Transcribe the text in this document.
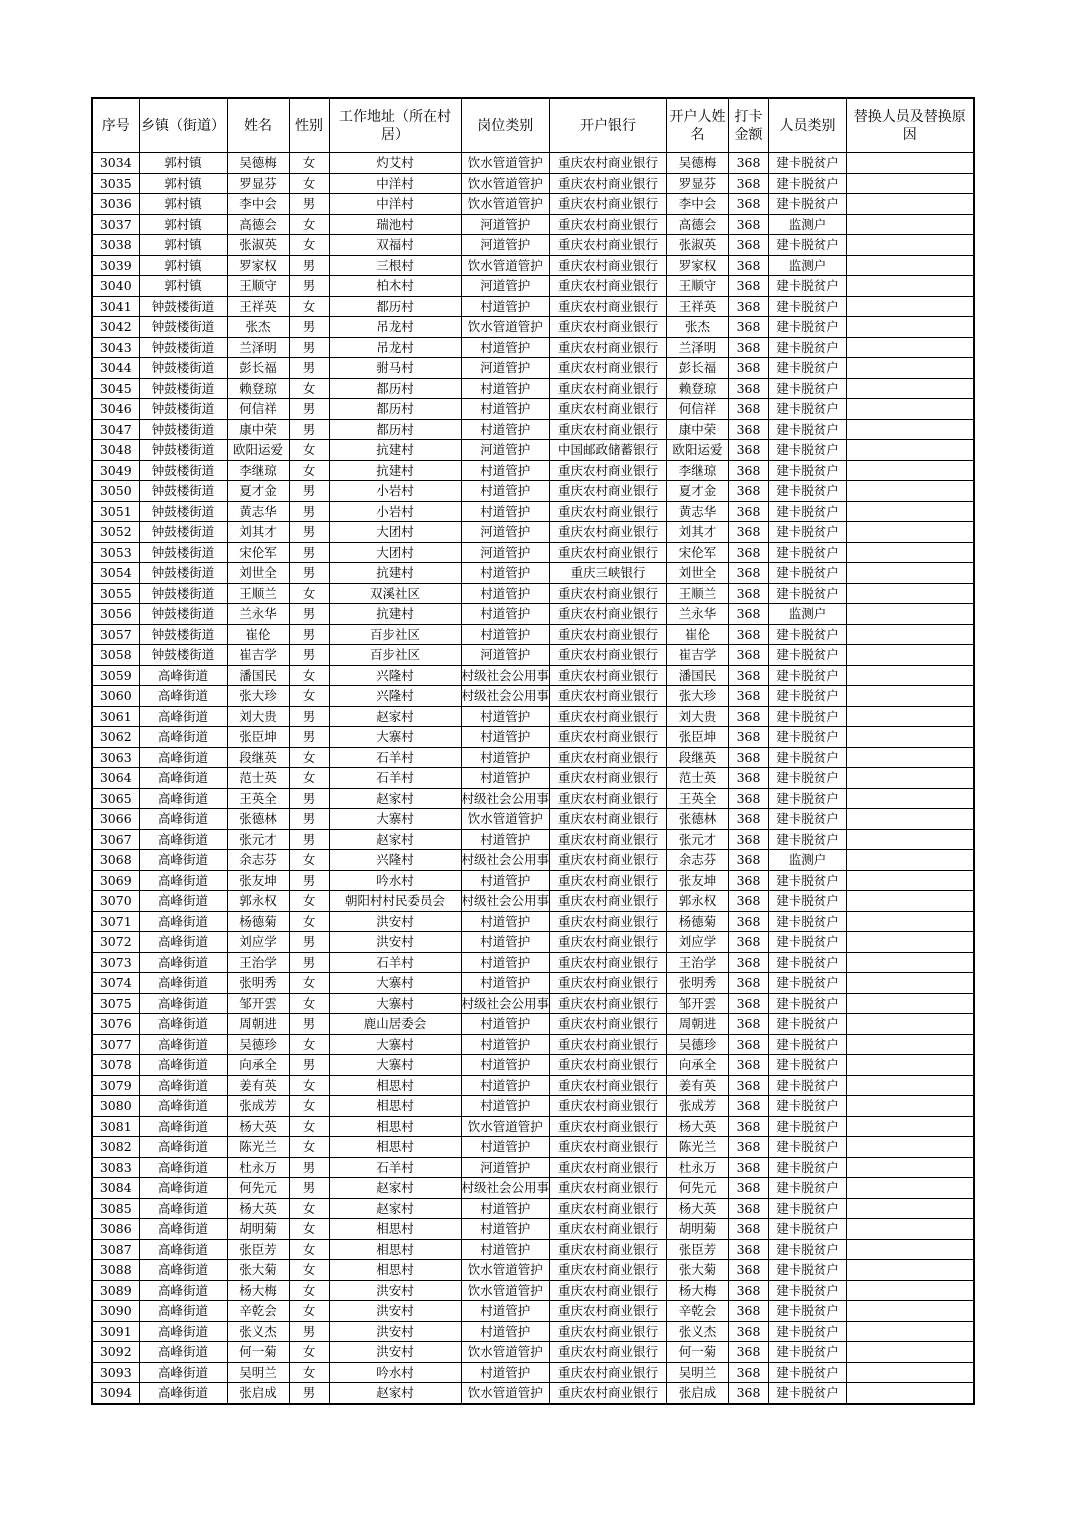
序号	乡镇（街道）	姓名	性别	工作地址（所在村居）	岗位类别	开户银行	开户人姓名	打卡金额	人员类别	替换人员及替换原因
3034	郭村镇	吴德梅	女	灼艾村	饮水管道管护	重庆农村商业银行	吴德梅	368	建卡脱贫户	
3035	郭村镇	罗显芬	女	中洋村	饮水管道管护	重庆农村商业银行	罗显芬	368	建卡脱贫户	
3036	郭村镇	李中会	男	中洋村	饮水管道管护	重庆农村商业银行	李中会	368	建卡脱贫户	
3037	郭村镇	高德会	女	瑞池村	河道管护	重庆农村商业银行	高德会	368	监测户	
3038	郭村镇	张淑英	女	双福村	河道管护	重庆农村商业银行	张淑英	368	建卡脱贫户	
3039	郭村镇	罗家权	男	三根村	饮水管道管护	重庆农村商业银行	罗家权	368	监测户	
3040	郭村镇	王顺守	男	柏木村	河道管护	重庆农村商业银行	王顺守	368	建卡脱贫户	
3041	钟鼓楼街道	王祥英	女	都历村	村道管护	重庆农村商业银行	王祥英	368	建卡脱贫户	
3042	钟鼓楼街道	张杰	男	吊龙村	饮水管道管护	重庆农村商业银行	张杰	368	建卡脱贫户	
3043	钟鼓楼街道	兰泽明	男	吊龙村	村道管护	重庆农村商业银行	兰泽明	368	建卡脱贫户	
3044	钟鼓楼街道	彭长福	男	驸马村	河道管护	重庆农村商业银行	彭长福	368	建卡脱贫户	
3045	钟鼓楼街道	赖登琼	女	都历村	村道管护	重庆农村商业银行	赖登琼	368	建卡脱贫户	
3046	钟鼓楼街道	何信祥	男	都历村	村道管护	重庆农村商业银行	何信祥	368	建卡脱贫户	
3047	钟鼓楼街道	康中荣	男	都历村	村道管护	重庆农村商业银行	康中荣	368	建卡脱贫户	
3048	钟鼓楼街道	欧阳运爱	女	抗建村	河道管护	中国邮政储蓄银行	欧阳运爱	368	建卡脱贫户	
3049	钟鼓楼街道	李继琼	女	抗建村	村道管护	重庆农村商业银行	李继琼	368	建卡脱贫户	
3050	钟鼓楼街道	夏才金	男	小岩村	村道管护	重庆农村商业银行	夏才金	368	建卡脱贫户	
3051	钟鼓楼街道	黄志华	男	小岩村	村道管护	重庆农村商业银行	黄志华	368	建卡脱贫户	
3052	钟鼓楼街道	刘其才	男	大团村	河道管护	重庆农村商业银行	刘其才	368	建卡脱贫户	
3053	钟鼓楼街道	宋伦军	男	大团村	河道管护	重庆农村商业银行	宋伦军	368	建卡脱贫户	
3054	钟鼓楼街道	刘世全	男	抗建村	村道管护	重庆三峡银行	刘世全	368	建卡脱贫户	
3055	钟鼓楼街道	王顺兰	女	双溪社区	村道管护	重庆农村商业银行	王顺兰	368	建卡脱贫户	
3056	钟鼓楼街道	兰永华	男	抗建村	村道管护	重庆农村商业银行	兰永华	368	监测户	
3057	钟鼓楼街道	崔伦	男	百步社区	村道管护	重庆农村商业银行	崔伦	368	建卡脱贫户	
3058	钟鼓楼街道	崔吉学	男	百步社区	河道管护	重庆农村商业银行	崔吉学	368	建卡脱贫户	
3059	高峰街道	潘国民	女	兴隆村	村级社会公用事	重庆农村商业银行	潘国民	368	建卡脱贫户	
3060	高峰街道	张大珍	女	兴隆村	村级社会公用事	重庆农村商业银行	张大珍	368	建卡脱贫户	
3061	高峰街道	刘大贵	男	赵家村	村道管护	重庆农村商业银行	刘大贵	368	建卡脱贫户	
3062	高峰街道	张臣坤	男	大寨村	村道管护	重庆农村商业银行	张臣坤	368	建卡脱贫户	
3063	高峰街道	段继英	女	石羊村	村道管护	重庆农村商业银行	段继英	368	建卡脱贫户	
3064	高峰街道	范士英	女	石羊村	村道管护	重庆农村商业银行	范士英	368	建卡脱贫户	
3065	高峰街道	王英全	男	赵家村	村级社会公用事	重庆农村商业银行	王英全	368	建卡脱贫户	
3066	高峰街道	张德林	男	大寨村	饮水管道管护	重庆农村商业银行	张德林	368	建卡脱贫户	
3067	高峰街道	张元才	男	赵家村	村道管护	重庆农村商业银行	张元才	368	建卡脱贫户	
3068	高峰街道	余志芬	女	兴隆村	村级社会公用事	重庆农村商业银行	余志芬	368	监测户	
3069	高峰街道	张友坤	男	吟水村	村道管护	重庆农村商业银行	张友坤	368	建卡脱贫户	
3070	高峰街道	郭永权	女	朝阳村村民委员会	村级社会公用事	重庆农村商业银行	郭永权	368	建卡脱贫户	
3071	高峰街道	杨德菊	女	洪安村	村道管护	重庆农村商业银行	杨德菊	368	建卡脱贫户	
3072	高峰街道	刘应学	男	洪安村	村道管护	重庆农村商业银行	刘应学	368	建卡脱贫户	
3073	高峰街道	王治学	男	石羊村	村道管护	重庆农村商业银行	王治学	368	建卡脱贫户	
3074	高峰街道	张明秀	女	大寨村	村道管护	重庆农村商业银行	张明秀	368	建卡脱贫户	
3075	高峰街道	邹开雲	女	大寨村	村级社会公用事	重庆农村商业银行	邹开雲	368	建卡脱贫户	
3076	高峰街道	周朝进	男	鹿山居委会	村道管护	重庆农村商业银行	周朝进	368	建卡脱贫户	
3077	高峰街道	吴德珍	女	大寨村	村道管护	重庆农村商业银行	吴德珍	368	建卡脱贫户	
3078	高峰街道	向承全	男	大寨村	村道管护	重庆农村商业银行	向承全	368	建卡脱贫户	
3079	高峰街道	姜有英	女	相思村	村道管护	重庆农村商业银行	姜有英	368	建卡脱贫户	
3080	高峰街道	张成芳	女	相思村	村道管护	重庆农村商业银行	张成芳	368	建卡脱贫户	
3081	高峰街道	杨大英	女	相思村	饮水管道管护	重庆农村商业银行	杨大英	368	建卡脱贫户	
3082	高峰街道	陈光兰	女	相思村	村道管护	重庆农村商业银行	陈光兰	368	建卡脱贫户	
3083	高峰街道	杜永万	男	石羊村	河道管护	重庆农村商业银行	杜永万	368	建卡脱贫户	
3084	高峰街道	何先元	男	赵家村	村级社会公用事	重庆农村商业银行	何先元	368	建卡脱贫户	
3085	高峰街道	杨大英	女	赵家村	村道管护	重庆农村商业银行	杨大英	368	建卡脱贫户	
3086	高峰街道	胡明菊	女	相思村	村道管护	重庆农村商业银行	胡明菊	368	建卡脱贫户	
3087	高峰街道	张臣芳	女	相思村	村道管护	重庆农村商业银行	张臣芳	368	建卡脱贫户	
3088	高峰街道	张大菊	女	相思村	饮水管道管护	重庆农村商业银行	张大菊	368	建卡脱贫户	
3089	高峰街道	杨大梅	女	洪安村	饮水管道管护	重庆农村商业银行	杨大梅	368	建卡脱贫户	
3090	高峰街道	辛乾会	女	洪安村	村道管护	重庆农村商业银行	辛乾会	368	建卡脱贫户	
3091	高峰街道	张义杰	男	洪安村	村道管护	重庆农村商业银行	张义杰	368	建卡脱贫户	
3092	高峰街道	何一菊	女	洪安村	饮水管道管护	重庆农村商业银行	何一菊	368	建卡脱贫户	
3093	高峰街道	吴明兰	女	吟水村	村道管护	重庆农村商业银行	吴明兰	368	建卡脱贫户	
3094	高峰街道	张启成	男	赵家村	饮水管道管护	重庆农村商业银行	张启成	368	建卡脱贫户	
